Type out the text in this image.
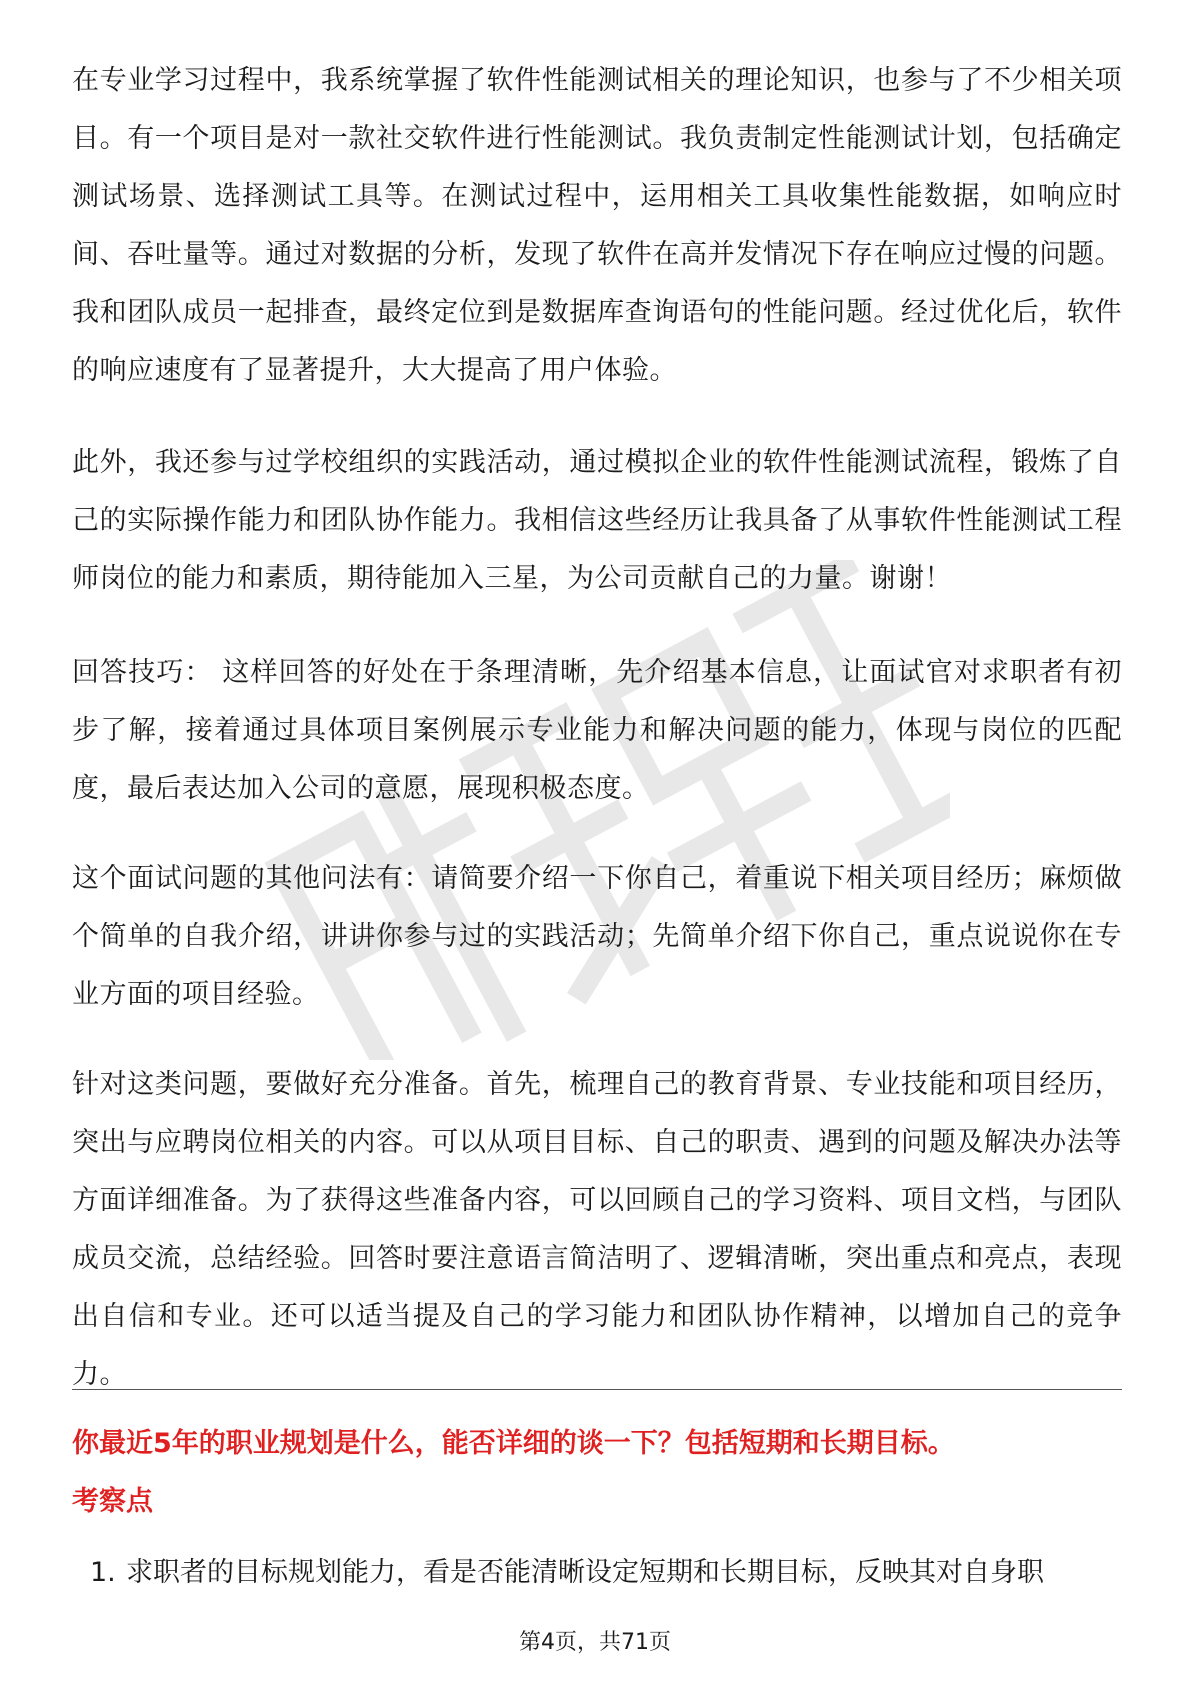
在专业学习过程中，我系统掌握了软件性能测试相关的理论知识，也参与了不少相关项目。有一个项目是对一款社交软件进行性能测试。我负责制定性能测试计划，包括确定测试场景、选择测试工具等。在测试过程中，运用相关工具收集性能数据，如响应时间、吞吐量等。通过对数据的分析，发现了软件在高并发情况下存在响应过慢的问题。我和团队成员一起排查，最终定位到是数据库查询语句的性能问题。经过优化后，软件的响应速度有了显著提升，大大提高了用户体验。

此外，我还参与过学校组织的实践活动，通过模拟企业的软件性能测试流程，锻炼了自己的实际操作能力和团队协作能力。我相信这些经历让我具备了从事软件性能测试工程师岗位的能力和素质，期待能加入三星，为公司贡献自己的力量。谢谢！

回答技巧： 这样回答的好处在于条理清晰，先介绍基本信息，让面试官对求职者有初步了解，接着通过具体项目案例展示专业能力和解决问题的能力，体现与岗位的匹配度，最后表达加入公司的意愿，展现积极态度。

这个面试问题的其他问法有：请简要介绍一下你自己，着重说下相关项目经历；麻烦做个简单的自我介绍，讲讲你参与过的实践活动；先简单介绍下你自己，重点说说你在专业方面的项目经验。

针对这类问题，要做好充分准备。首先，梳理自己的教育背景、专业技能和项目经历，突出与应聘岗位相关的内容。可以从项目目标、自己的职责、遇到的问题及解决办法等方面详细准备。为了获得这些准备内容，可以回顾自己的学习资料、项目文档，与团队成员交流，总结经验。回答时要注意语言简洁明了、逻辑清晰，突出重点和亮点，表现出自信和专业。还可以适当提及自己的学习能力和团队协作精神，以增加自己的竞争力。

你最近5年的职业规划是什么，能否详细的谈一下？包括短期和长期目标。
考察点
1. 求职者的目标规划能力，看是否能清晰设定短期和长期目标，反映其对自身职
第4页，共71页
